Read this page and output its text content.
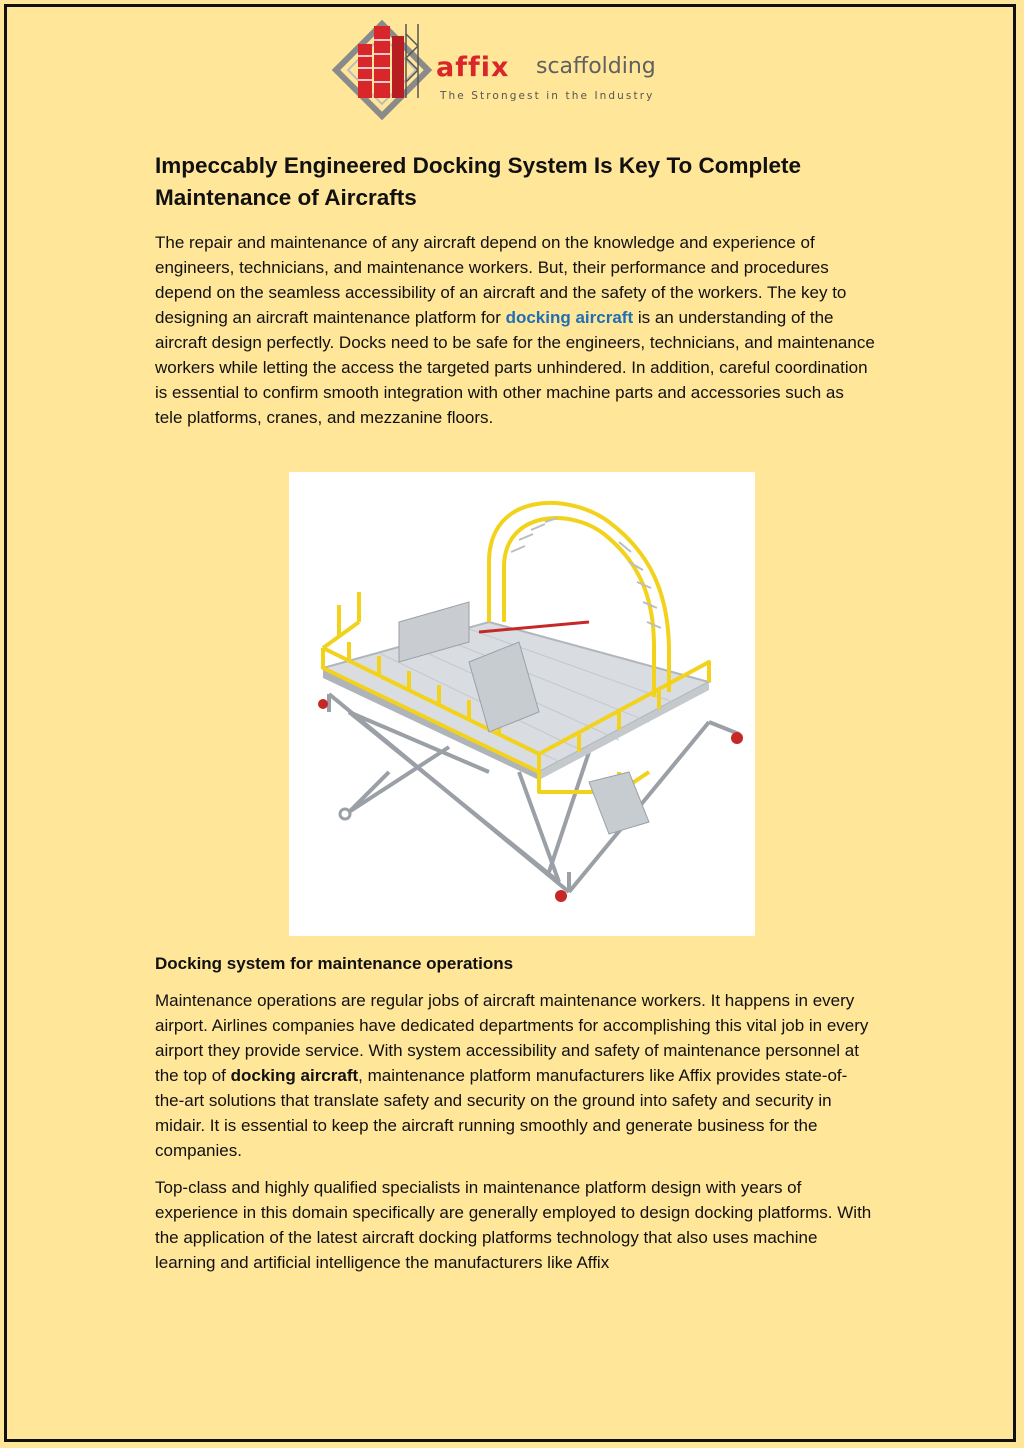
affix scaffolding
The Strongest in the Industry
Impeccably Engineered Docking System Is Key To Complete Maintenance of Aircrafts

The repair and maintenance of any aircraft depend on the knowledge and experience of engineers, technicians, and maintenance workers. But, their performance and procedures depend on the seamless accessibility of an aircraft and the safety of the workers. The key to designing an aircraft maintenance platform for docking aircraft is an understanding of the aircraft design perfectly. Docks need to be safe for the engineers, technicians, and maintenance workers while letting the access the targeted parts unhindered. In addition, careful coordination is essential to confirm smooth integration with other machine parts and accessories such as tele platforms, cranes, and mezzanine floors.

Docking system for maintenance operations

Maintenance operations are regular jobs of aircraft maintenance workers. It happens in every airport. Airlines companies have dedicated departments for accomplishing this vital job in every airport they provide service. With system accessibility and safety of maintenance personnel at the top of docking aircraft, maintenance platform manufacturers like Affix provides state-of-the-art solutions that translate safety and security on the ground into safety and security in midair. It is essential to keep the aircraft running smoothly and generate business for the companies.

Top-class and highly qualified specialists in maintenance platform design with years of experience in this domain specifically are generally employed to design docking platforms. With the application of the latest aircraft docking platforms technology that also uses machine learning and artificial intelligence the manufacturers like Affix
